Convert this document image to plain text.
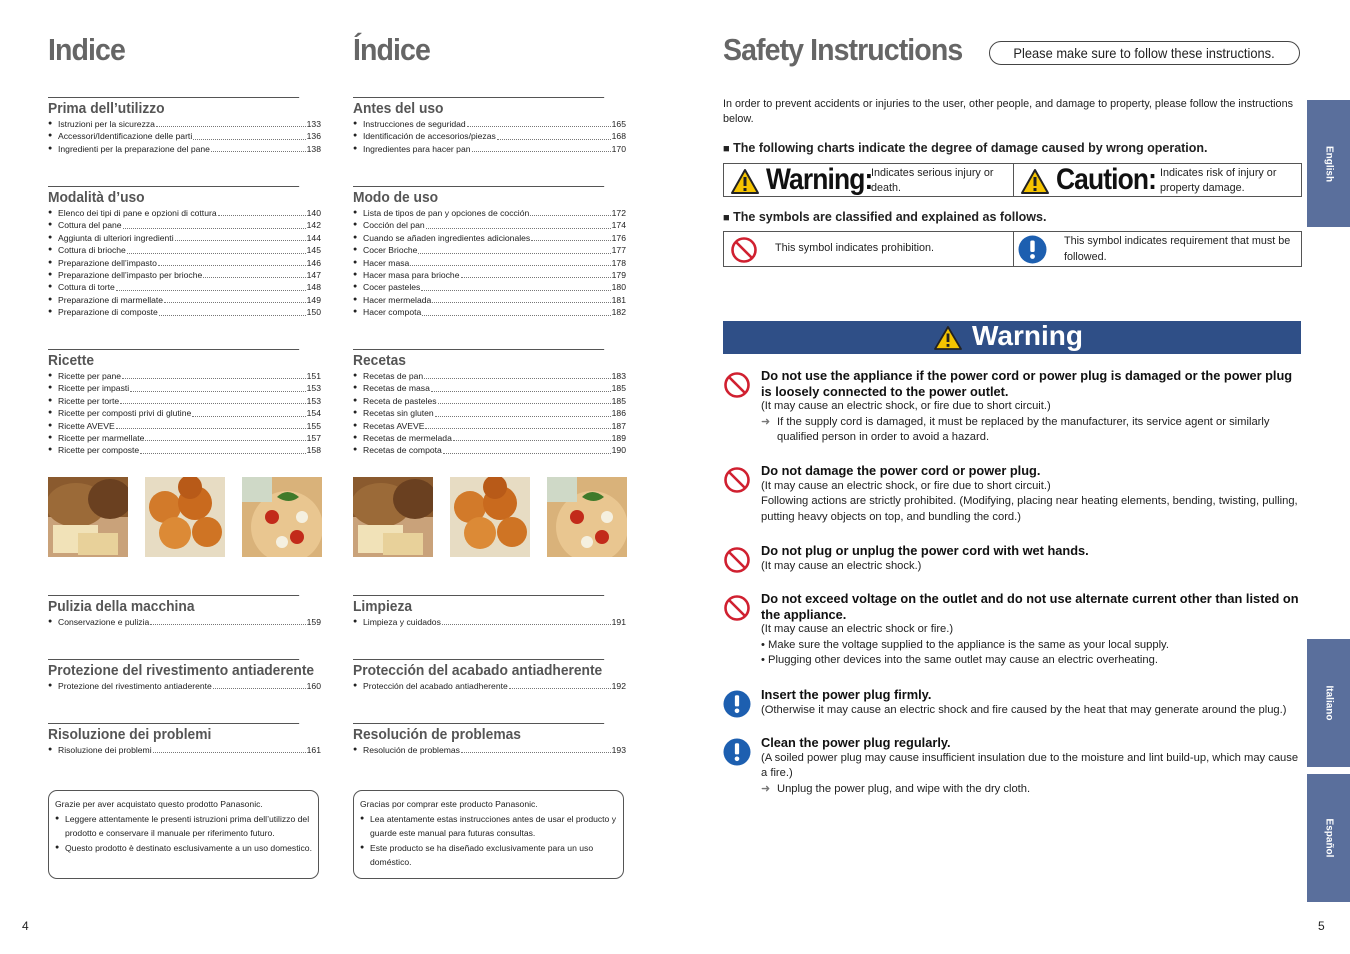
Indice
Prima dell’utilizzo
● Istruzioni per la sicurezza	133
● Accessori/Identificazione delle parti	136
● Ingredienti per la preparazione del pane	138
Modalità d’uso
● Elenco dei tipi di pane e opzioni di cottura	140
● Cottura del pane	142
● Aggiunta di ulteriori ingredienti	144
● Cottura di brioche	145
● Preparazione dell’impasto	146
● Preparazione dell’impasto per brioche	147
● Cottura di torte	148
● Preparazione di marmellate	149
● Preparazione di composte	150
Ricette
● Ricette per pane	151
● Ricette per impasti	153
● Ricette per torte	153
● Ricette per composti privi di glutine	154
● Ricette AVEVE	155
● Ricette per marmellate	157
● Ricette per composte	158
Pulizia della macchina
● Conservazione e pulizia	159
Protezione del rivestimento antiaderente
● Protezione del rivestimento antiaderente	160
Risoluzione dei problemi
● Risoluzione dei problemi	161
Grazie per aver acquistato questo prodotto Panasonic.
● Leggere attentamente le presenti istruzioni prima dell’utilizzo del prodotto e conservare il manuale per riferimento futuro.
● Questo prodotto è destinato esclusivamente a un uso domestico.
Índice
Antes del uso
● Instrucciones de seguridad	165
● Identificación de accesorios/piezas	168
● Ingredientes para hacer pan	170
Modo de uso
● Lista de tipos de pan y opciones de cocción	172
● Cocción del pan	174
● Cuando se añaden ingredientes adicionales	176
● Cocer Brioche	177
● Hacer masa	178
● Hacer masa para brioche	179
● Cocer pasteles	180
● Hacer mermelada	181
● Hacer compota	182
Recetas
● Recetas de pan	183
● Recetas de masa	185
● Receta de pasteles	185
● Recetas sin gluten	186
● Recetas AVEVE	187
● Recetas de mermelada	189
● Recetas de compota	190
Limpieza
● Limpieza y cuidados	191
Protección del acabado antiadherente
● Protección del acabado antiadherente	192
Resolución de problemas
● Resolución de problemas	193
Gracias por comprar este producto Panasonic.
● Lea atentamente estas instrucciones antes de usar el producto y guarde este manual para futuras consultas.
● Este producto se ha diseñado exclusivamente para un uso doméstico.
4
Safety Instructions	Please make sure to follow these instructions.
In order to prevent accidents or injuries to the user, other people, and damage to property, please follow the instructions below.
■ The following charts indicate the degree of damage caused by wrong operation.
Warning:
Indicates serious injury or death.	Caution: Indicates risk of injury or property damage.
■ The symbols are classified and explained as follows.
This symbol indicates prohibition.
This symbol indicates requirement that must be followed.
Warning
Do not use the appliance if the power cord or power plug is damaged or the power plug is loosely connected to the power outlet.
(It may cause an electric shock, or fire due to short circuit.)
➜ If the supply cord is damaged, it must be replaced by the manufacturer, its service agent or similarly qualified person in order to avoid a hazard.
Do not damage the power cord or power plug.
(It may cause an electric shock, or fire due to short circuit.)
Following actions are strictly prohibited. (Modifying, placing near heating elements, bending, twisting, pulling, putting heavy objects on top, and bundling the cord.)
Do not plug or unplug the power cord with wet hands.
(It may cause an electric shock.)
Do not exceed voltage on the outlet and do not use alternate current other than listed on the appliance.
(It may cause an electric shock or fire.)
• Make sure the voltage supplied to the appliance is the same as your local supply.
• Plugging other devices into the same outlet may cause an electric overheating.
Insert the power plug firmly.
(Otherwise it may cause an electric shock and fire caused by the heat that may generate around the plug.)
Clean the power plug regularly.
(A soiled power plug may cause insufficient insulation due to the moisture and lint build-up, which may cause a fire.)
➜ Unplug the power plug, and wipe with the dry cloth.
English
Italiano
Español
5
